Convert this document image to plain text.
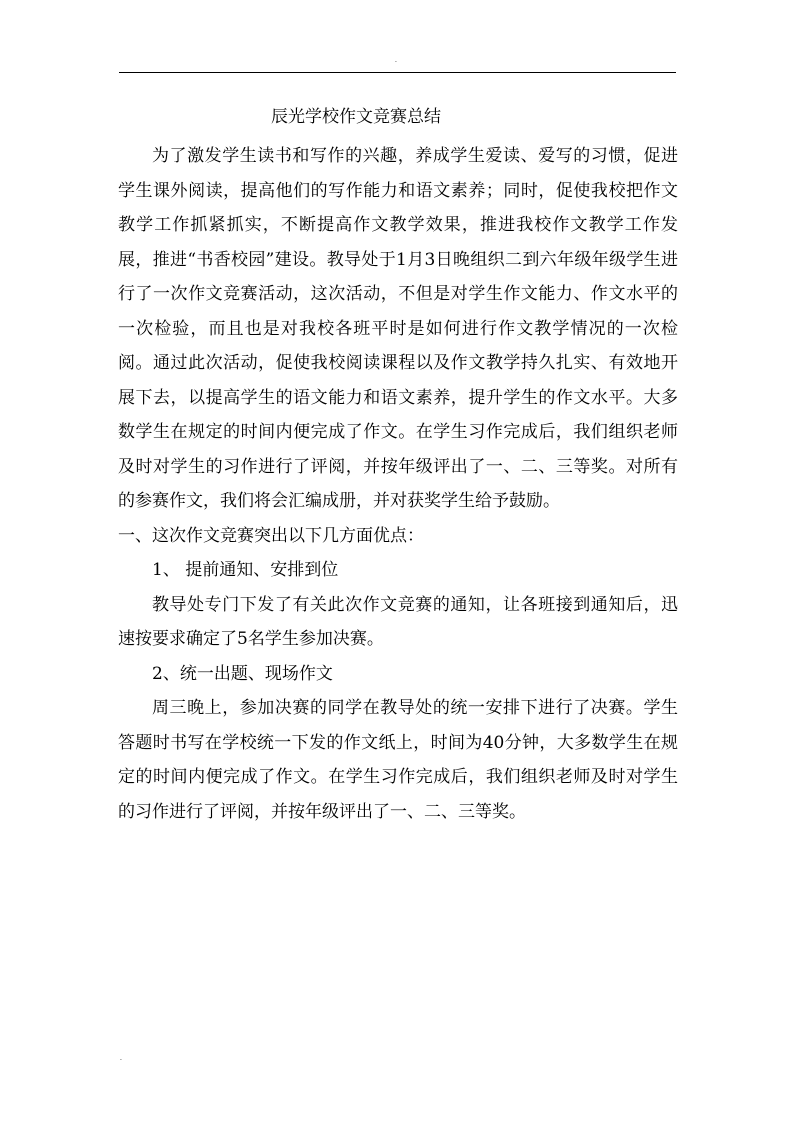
.
辰光学校作文竞赛总结

为了激发学生读书和写作的兴趣，养成学生爱读、爱写的习惯，促进学生课外阅读，提高他们的写作能力和语文素养；同时，促使我校把作文教学工作抓紧抓实，不断提高作文教学效果，推进我校作文教学工作发展，推进“书香校园”建设。教导处于1月3日晚组织二到六年级年级学生进行了一次作文竞赛活动，这次活动，不但是对学生作文能力、作文水平的一次检验，而且也是对我校各班平时是如何进行作文教学情况的一次检阅。通过此次活动，促使我校阅读课程以及作文教学持久扎实、有效地开展下去，以提高学生的语文能力和语文素养，提升学生的作文水平。大多数学生在规定的时间内便完成了作文。在学生习作完成后，我们组织老师及时对学生的习作进行了评阅，并按年级评出了一、二、三等奖。对所有的参赛作文，我们将会汇编成册，并对获奖学生给予鼓励。

一、这次作文竞赛突出以下几方面优点：

1、 提前通知、安排到位

教导处专门下发了有关此次作文竞赛的通知，让各班接到通知后，迅速按要求确定了5名学生参加决赛。

2、统一出题、现场作文

周三晚上，参加决赛的同学在教导处的统一安排下进行了决赛。学生答题时书写在学校统一下发的作文纸上，时间为40分钟，大多数学生在规定的时间内便完成了作文。在学生习作完成后，我们组织老师及时对学生的习作进行了评阅，并按年级评出了一、二、三等奖。

.
